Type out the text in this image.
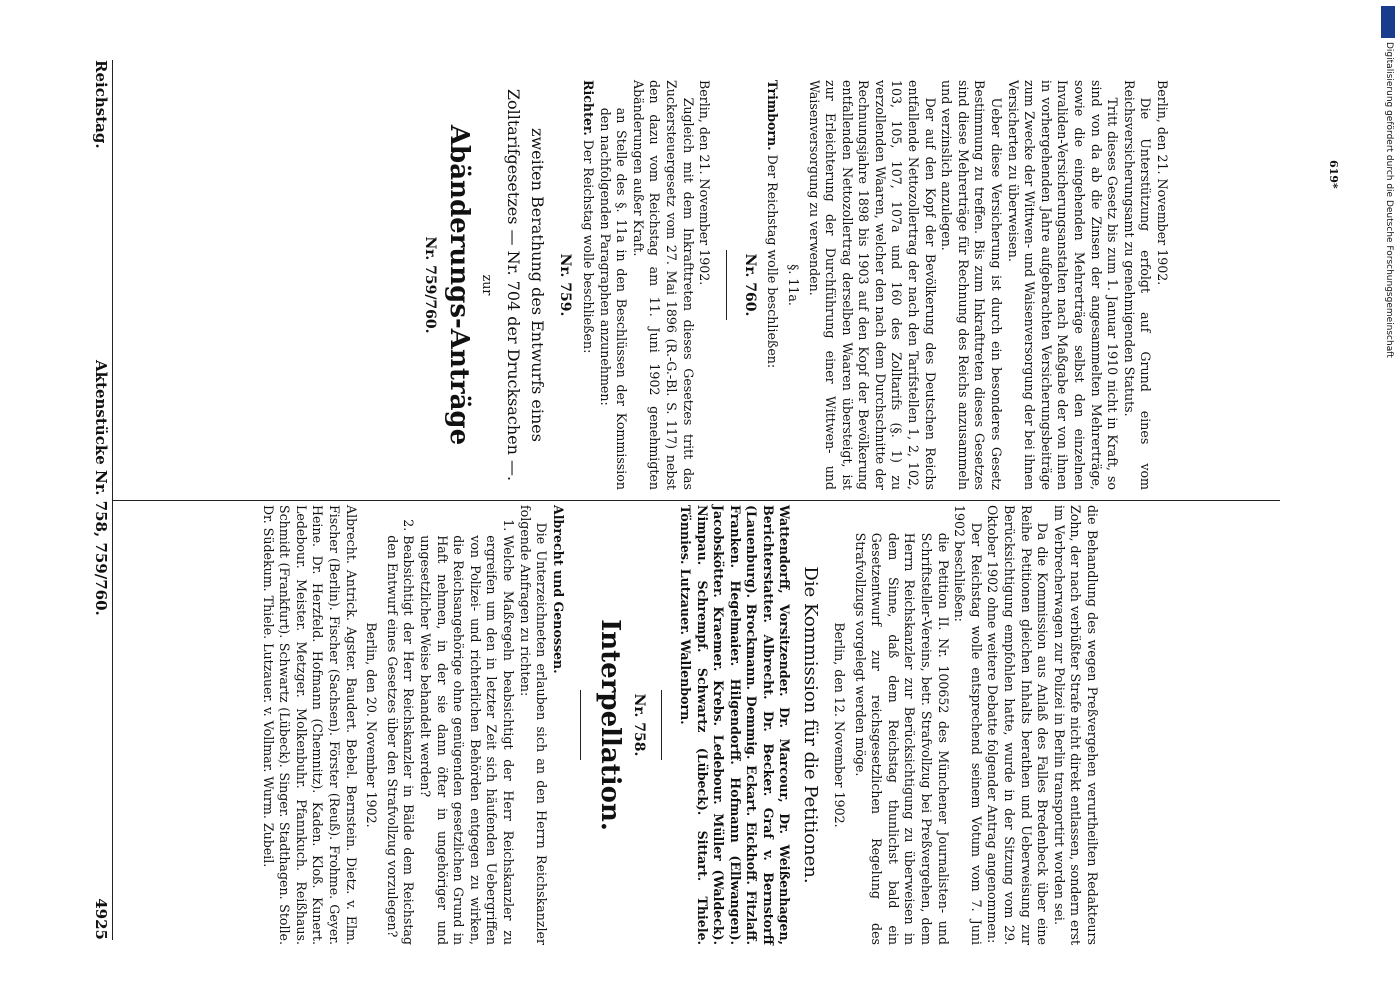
Reichstag.
Aktenstücke Nr. 758, 759/760.
4925	die Behandlung des wegen Preßvergehen verurtheilten Redakteurs Zohn, der nach verbüßter Strafe nicht direkt entlassen, sondern erst im Verbrecherwagen zur Polizei in Berlin transportirt worden sei.

Da die Kommission aus Anlaß des Falles Bredenbeck über eine Reihe Petitionen gleichen Inhalts berathen und Ueberweisung zur Berücksichtigung empfohlen hatte, wurde in der Sitzung vom 29. Oktober 1902 ohne weitere Debatte folgender Antrag angenommen:

Der Reichstag wolle entsprechend seinem Votum vom 7. Juni 1902 beschließen:

die Petition II. Nr. 100652 des Münchener Journalisten- und Schriftsteller-Vereins, betr. Strafvollzug bei Preßvergehen, dem Herrn Reichskanzler zur Berücksichtigung zu überweisen in dem Sinne, daß dem Reichstag thunlichst bald ein Gesetzentwurf zur reichsgesetzlichen Regelung des Strafvollzugs vorgelegt werden möge.

Berlin, den 12. November 1902.

Die Kommission für die Petitionen.

Wattendorff, Vorsitzender. Dr. Marcour, Dr. Weißenhagen, Berichterstatter. Albrecht. Dr. Becker. Graf v. Bernstorff (Lauenburg). Brockmann. Demmig. Eckart. Eickhoff. Fitzlaff. Franken. Hegelmaier. Hilgendorff. Hofmann (Ellwangen). Jacobskötter. Kraemer. Krebs. Ledebour. Müller (Waldeck). Nimpau. Schrempf. Schwartz (Lübeck). Sittart. Thiele. Tönnies. Lutzauer. Wallenborn.

Nr. 758.
Interpellation.

Albrecht und Genossen.

Die Unterzeichneten erlauben sich an den Herrn Reichskanzler folgende Anfragen zu richten:

1. Welche Maßregeln beabsichtigt der Herr Reichskanzler zu ergreifen um den in letzter Zeit sich häufenden Uebergriffen von Polizei- und richterlichen Behörden entgegen zu wirken, die Reichsangehörige ohne genügenden gesetzlichen Grund in Haft nehmen, in der sie dann öfter in ungehöriger und ungesetzlicher Weise behandelt werden?
2. Beabsichtigt der Herr Reichskanzler in Bälde dem Reichstag den Entwurf eines Gesetzes über den Strafvollzug vorzulegen?

Berlin, den 20. November 1902.

Albrecht. Antrick. Agster. Baudert. Bebel. Bernstein. Dietz. v. Elm. Fischer (Berlin). Fischer (Sachsen). Förster (Reuß). Frohme. Geyer. Heine. Dr. Herzfeld. Hofmann (Chemnitz). Kaden. Kloß. Kunert. Ledebour. Meister. Metzger. Molkenbuhr. Pfannkuch. Reißhaus. Schmidt (Frankfurt). Schwartz (Lübeck). Singer. Stadthagen. Stolle. Dr. Südekum. Thiele. Lutzauer. v. Vollmar. Wurm. Zubeil.

Berlin, den 21. November 1902.

Die Unterstützung erfolgt auf Grund eines vom Reichsversicherungsamt zu genehmigenden Statuts.

Tritt dieses Gesetz bis zum 1. Januar 1910 nicht in Kraft, so sind von da ab die Zinsen der angesammelten Mehrerträge, sowie die eingehenden Mehrerträge selbst den einzelnen Invaliden-Versicherungsanstalten nach Maßgabe der von ihnen in vorhergehenden Jahre aufgebrachten Versicherungsbeiträge zum Zwecke der Wittwen- und Waisenversorgung der bei ihnen Versicherten zu überweisen.

Ueber diese Versicherung ist durch ein besonderes Gesetz Bestimmung zu treffen. Bis zum Inkrafttreten dieses Gesetzes sind diese Mehrerträge für Rechnung des Reichs anzusammeln und verzinslich anzulegen.

Der auf den Kopf der Bevölkerung des Deutschen Reichs entfallende Nettozollertrag der nach den Tarifstellen 1, 2, 102, 103, 105, 107, 107a und 160 des Zolltarifs (§. 1) zu verzollenden Waaren, welcher den nach dem Durchschnitte der Rechnungsjahre 1898 bis 1903 auf den Kopf der Bevölkerung entfallenden Nettozollertrag derselben Waaren übersteigt, ist zur Erleichterung der Durchführung einer Wittwen- und Waisenversorgung zu verwenden.

§. 11a.

Trimborn. Der Reichstag wolle beschließen:

Nr. 760.

Berlin, den 21. November 1902.

Zugleich mit dem Inkrafttreten dieses Gesetzes tritt das Zuckersteuergesetz vom 27. Mai 1896 (R.-G.-Bl. S. 117) nebst den dazu vom Reichstag am 11. Juni 1902 genehmigten Abänderungen außer Kraft.

an Stelle des §. 11a in den Beschlüssen der Kommission den nachfolgenden Paragraphen anzunehmen:

Richter. Der Reichstag wolle beschließen:

Nr. 759.
zweiten Berathung des Entwurfs eines Zolltarifgesetzes — Nr. 704 der Drucksachen —.
zur
Abänderungs-Anträge
Nr. 759/760.
619*	Digitalisierung gefördert durch die Deutsche Forschungsgemeinschaft
DFG
